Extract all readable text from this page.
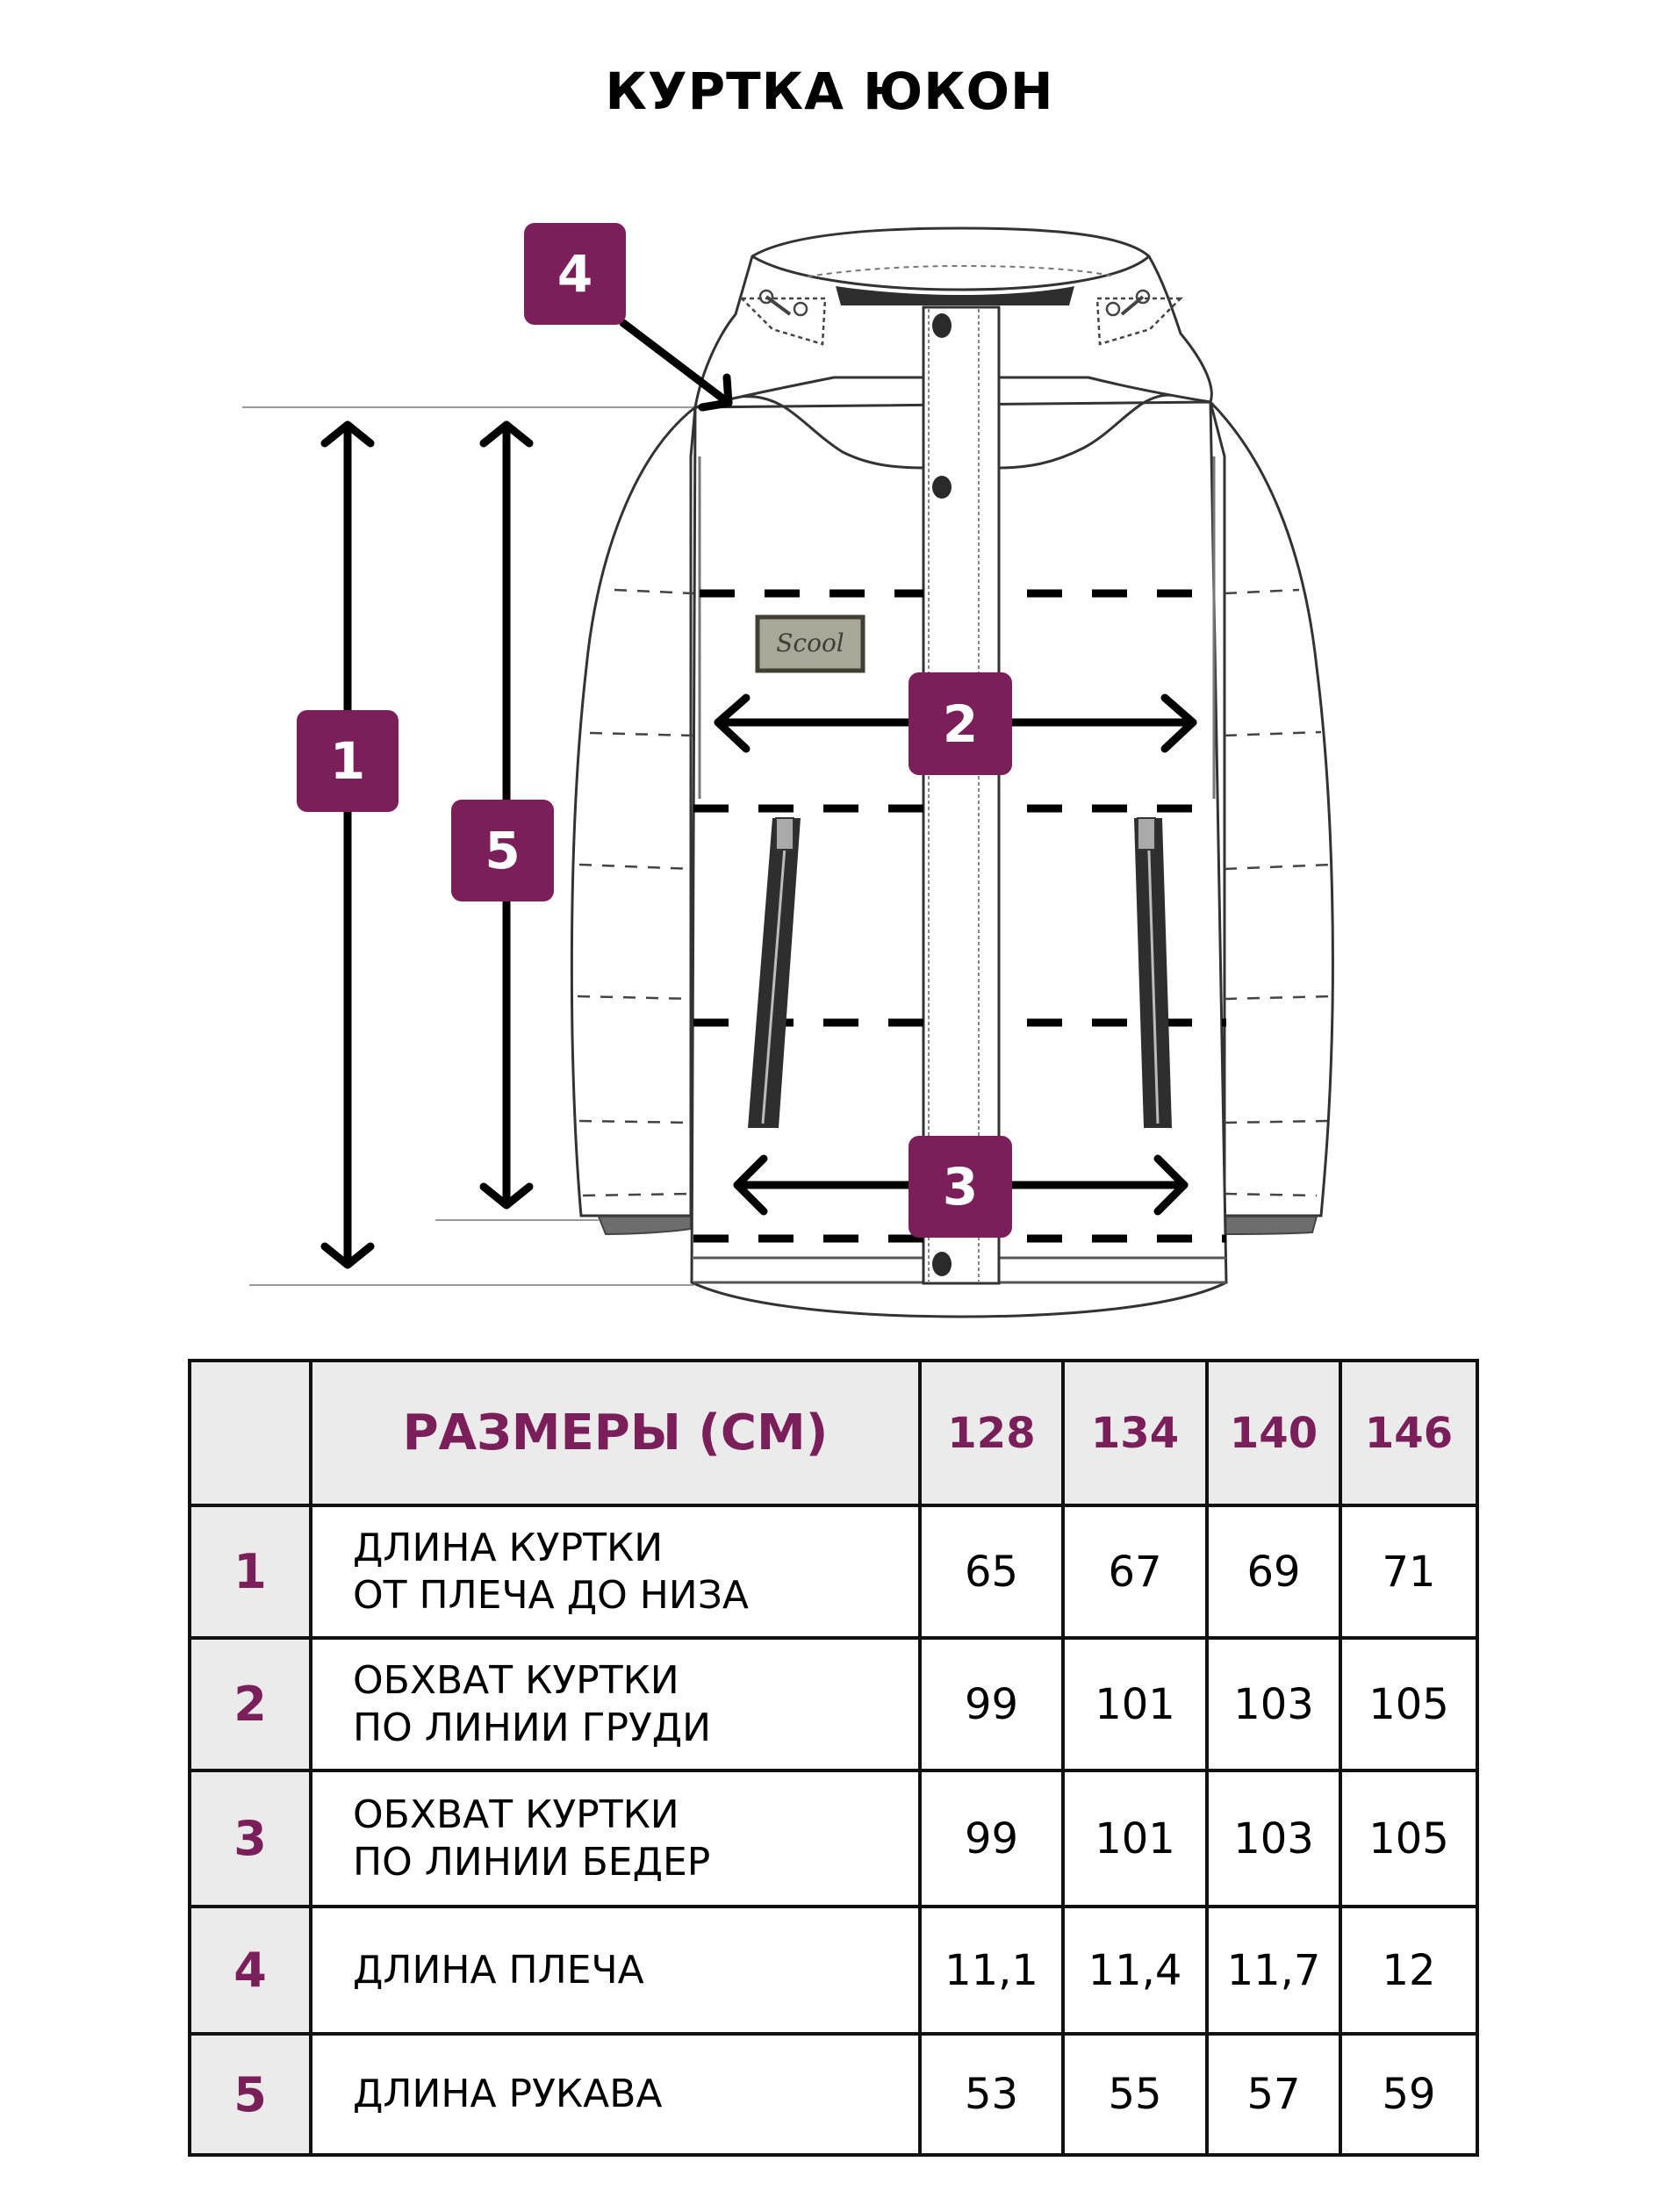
КУРТКА ЮКОН
Scool
4
1
5
2
3
	РАЗМЕРЫ (СМ)	128	134	140	146
1	ДЛИНА КУРТКИ
ОТ ПЛЕЧА ДО НИЗА	65	67	69	71
2	ОБХВАТ КУРТКИ
ПО ЛИНИИ ГРУДИ	99	101	103	105
3	ОБХВАТ КУРТКИ
ПО ЛИНИИ БЕДЕР	99	101	103	105
4	ДЛИНА ПЛЕЧА	11,1	11,4	11,7	12
5	ДЛИНА РУКАВА	53	55	57	59
